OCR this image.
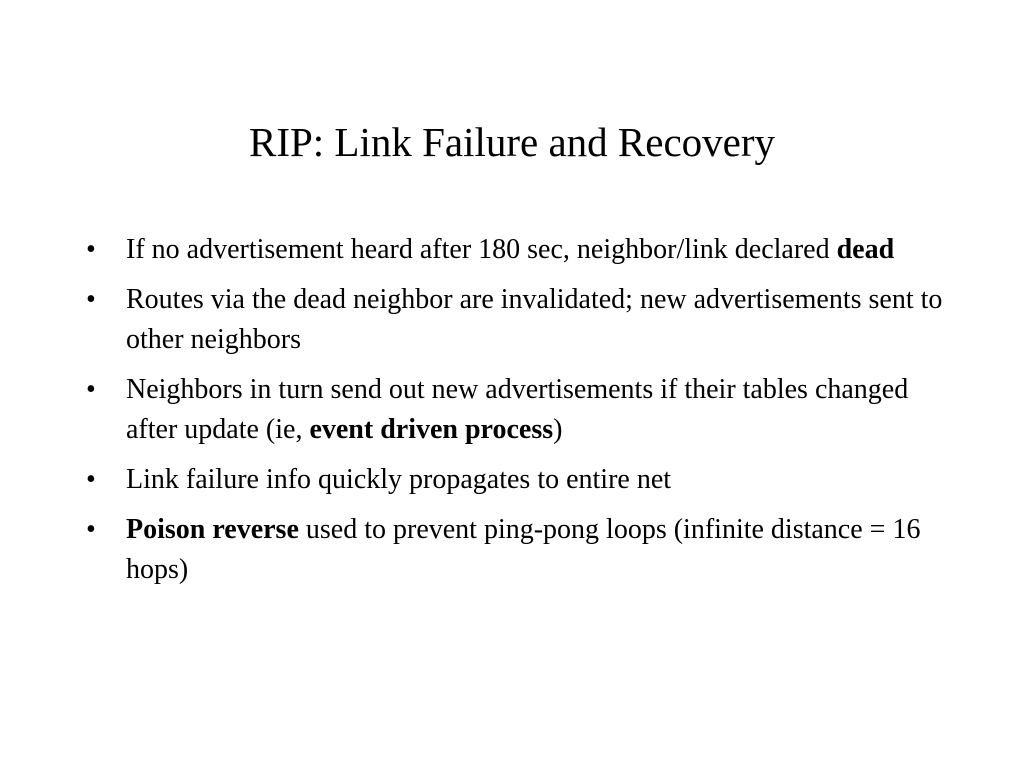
RIP: Link Failure and Recovery
•	If no advertisement heard after 180 sec, neighbor/link declared dead
•	Routes via the dead neighbor are invalidated; new advertisements sent to other neighbors
•	Neighbors in turn send out new advertisements if their tables changed after update (ie, event driven process)
•	Link failure info quickly propagates to entire net
•	Poison reverse used to prevent ping-pong loops (infinite distance = 16 hops)
